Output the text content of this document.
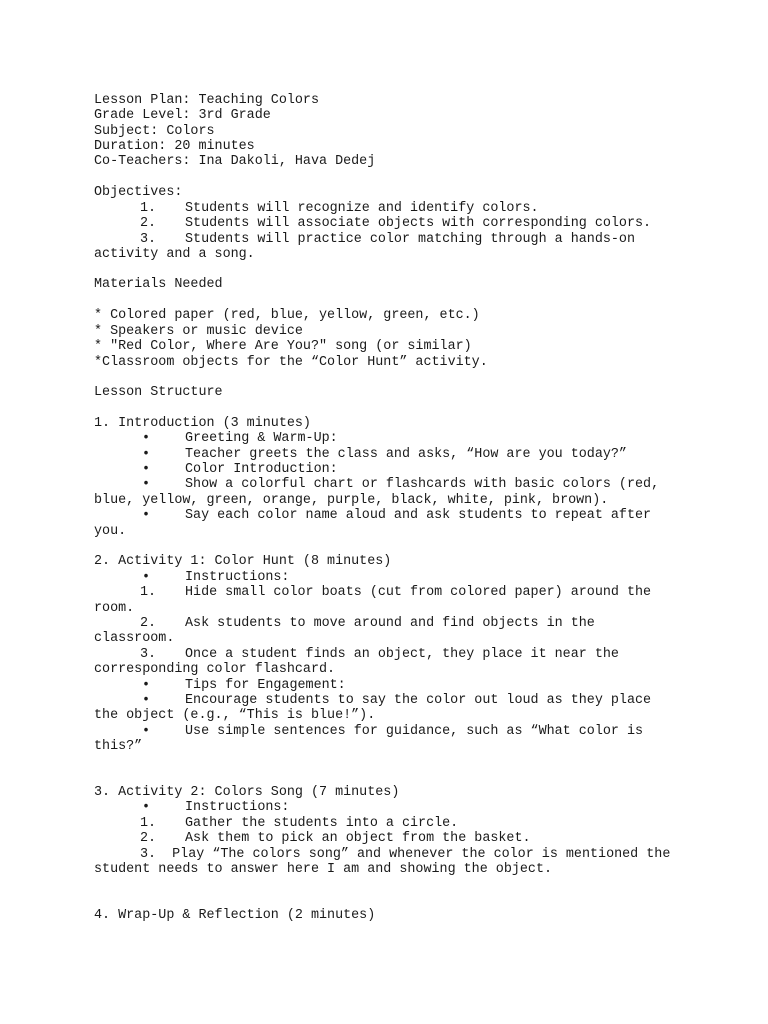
Lesson Plan: Teaching Colors
Grade Level: 3rd Grade
Subject: Colors
Duration: 20 minutes
Co-Teachers: Ina Dakoli, Hava Dedej
Objectives:
1. Students will recognize and identify colors.
2. Students will associate objects with corresponding colors.
3. Students will practice color matching through a hands-on
activity and a song.
Materials Needed
* Colored paper (red, blue, yellow, green, etc.)
* Speakers or music device
* "Red Color, Where Are You?" song (or similar)
*Classroom objects for the “Color Hunt” activity.
Lesson Structure
1. Introduction (3 minutes)
•	Greeting & Warm-Up:
•	Teacher greets the class and asks, “How are you today?”
•	Color Introduction:
•	Show a colorful chart or flashcards with basic colors (red,
blue, yellow, green, orange, purple, black, white, pink, brown).
•	Say each color name aloud and ask students to repeat after
you.
2. Activity 1: Color Hunt (8 minutes)
•	Instructions:
1. Hide small color boats (cut from colored paper) around the
room.
2. Ask students to move around and find objects in the
classroom.
3. Once a student finds an object, they place it near the
corresponding color flashcard.
•	Tips for Engagement:
•	Encourage students to say the color out loud as they place
the object (e.g., “This is blue!”).
•	Use simple sentences for guidance, such as “What color is
this?”
3. Activity 2: Colors Song (7 minutes)
•	Instructions:
1. Gather the students into a circle.
2. Ask them to pick an object from the basket.
3.  Play “The colors song” and whenever the color is mentioned the
student needs to answer here I am and showing the object.
4. Wrap-Up & Reflection (2 minutes)
